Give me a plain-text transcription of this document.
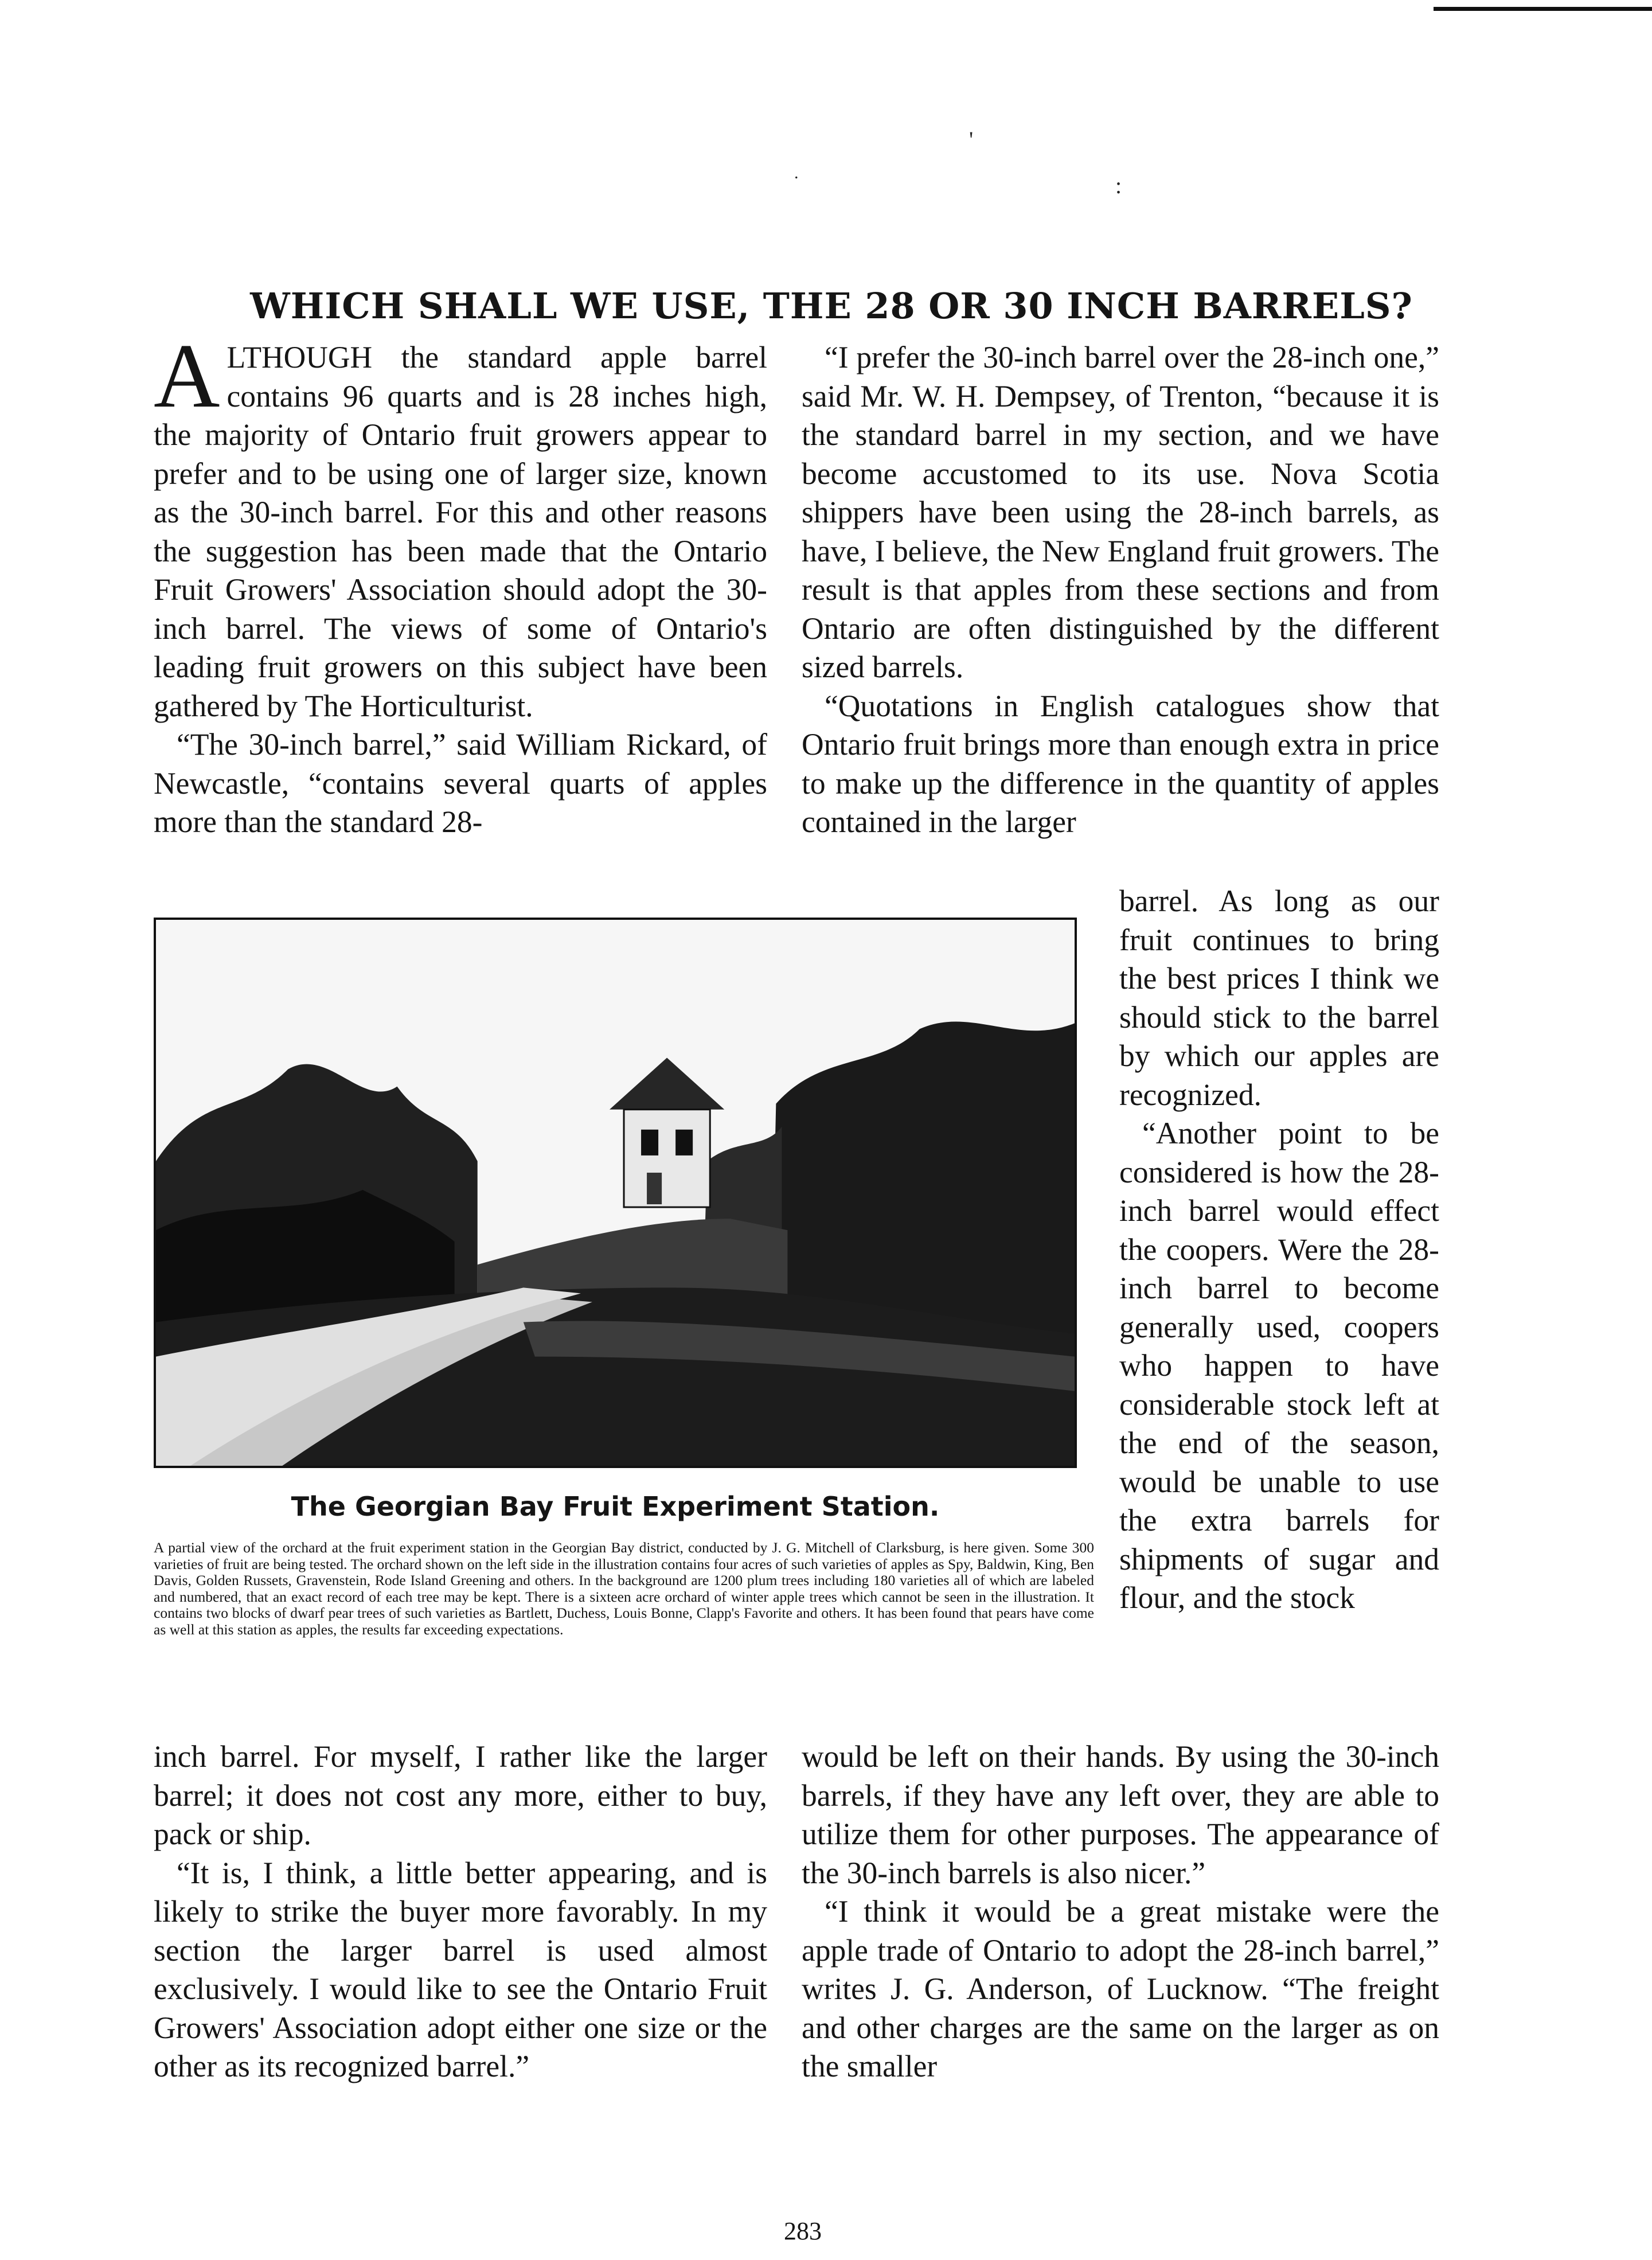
'
:
.
WHICH SHALL WE USE, THE 28 OR 30 INCH BARRELS?

ALTHOUGH the standard apple barrel contains 96 quarts and is 28 inches high, the majority of Ontario fruit growers appear to prefer and to be using one of larger size, known as the 30-inch barrel. For this and other reasons the suggestion has been made that the Ontario Fruit Growers' Association should adopt the 30-inch barrel. The views of some of Ontario's leading fruit growers on this subject have been gathered by The Horticulturist.

“The 30-inch barrel,” said William Rickard, of Newcastle, “contains several quarts of apples more than the standard 28-

“I prefer the 30-inch barrel over the 28-inch one,” said Mr. W. H. Dempsey, of Trenton, “because it is the standard barrel in my section, and we have become accustomed to its use. Nova Scotia shippers have been using the 28-inch barrels, as have, I believe, the New England fruit growers. The result is that apples from these sections and from Ontario are often distinguished by the different sized barrels.

“Quotations in English catalogues show that Ontario fruit brings more than enough extra in price to make up the difference in the quantity of apples contained in the larger

barrel. As long as our fruit continues to bring the best prices I think we should stick to the barrel by which our apples are recognized.

“Another point to be considered is how the 28-inch barrel would effect the coopers. Were the 28-inch barrel to become generally used, coopers who happen to have considerable stock left at the end of the season, would be unable to use the extra barrels for shipments of sugar and flour, and the stock

The Georgian Bay Fruit Experiment Station.
A partial view of the orchard at the fruit experiment station in the Georgian Bay district, conducted by J. G. Mitchell of Clarksburg, is here given. Some 300 varieties of fruit are being tested. The orchard shown on the left side in the illustration contains four acres of such varieties of apples as Spy, Baldwin, King, Ben Davis, Golden Russets, Gravenstein, Rode Island Greening and others. In the background are 1200 plum trees including 180 varieties all of which are labeled and numbered, that an exact record of each tree may be kept. There is a sixteen acre orchard of winter apple trees which cannot be seen in the illustration. It contains two blocks of dwarf pear trees of such varieties as Bartlett, Duchess, Louis Bonne, Clapp's Favorite and others. It has been found that pears have come as well at this station as apples, the results far exceeding expectations.

inch barrel. For myself, I rather like the larger barrel; it does not cost any more, either to buy, pack or ship.

“It is, I think, a little better appearing, and is likely to strike the buyer more favorably. In my section the larger barrel is used almost exclusively. I would like to see the Ontario Fruit Growers' Association adopt either one size or the other as its recognized barrel.”

would be left on their hands. By using the 30-inch barrels, if they have any left over, they are able to utilize them for other purposes. The appearance of the 30-inch barrels is also nicer.”

“I think it would be a great mistake were the apple trade of Ontario to adopt the 28-inch barrel,” writes J. G. Anderson, of Lucknow. “The freight and other charges are the same on the larger as on the smaller

283
